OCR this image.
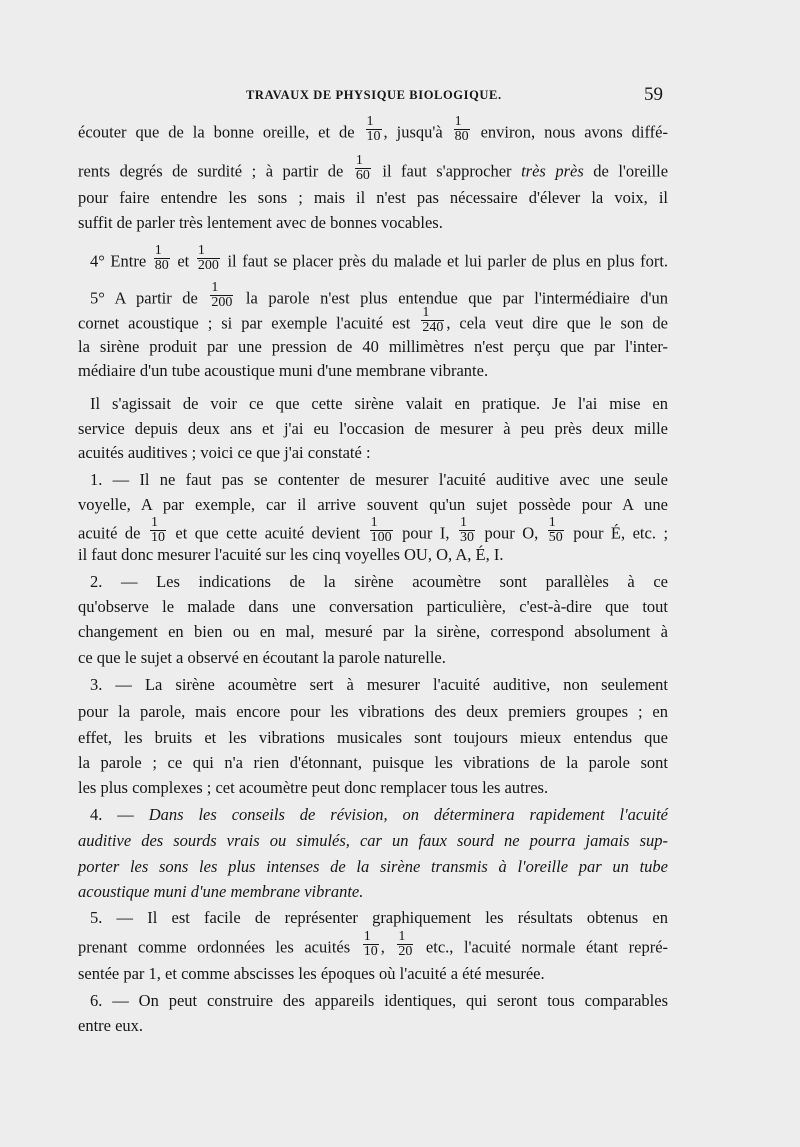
TRAVAUX DE PHYSIQUE BIOLOGIQUE.	59
écouter que de la bonne oreille, et de $\frac{1}{10}$ , jusqu'à $\frac{1}{80}$ environ, nous avons diffé-
rents degrés de surdité ; à partir de $\frac{1}{60}$ il faut s'approcher très près de l'oreille
pour faire entendre les sons ; mais il n'est pas nécessaire d'élever la voix, il
suffit de parler très lentement avec de bonnes vocables.
4° Entre $\frac{1}{80}$ et $\frac{1}{200}$ il faut se placer près du malade et lui parler de plus en plus fort.
5° A partir de $\frac{1}{200}$ la parole n'est plus entendue que par l'intermédiaire d'un
cornet acoustique ; si par exemple l'acuité est $\frac{1}{240}$ , cela veut dire que le son de
la sirène produit par une pression de 40 millimètres n'est perçu que par l'inter-
médiaire d'un tube acoustique muni d'une membrane vibrante.
Il s'agissait de voir ce que cette sirène valait en pratique. Je l'ai mise en
service depuis deux ans et j'ai eu l'occasion de mesurer à peu près deux mille
acuités auditives ; voici ce que j'ai constaté :
1. — Il ne faut pas se contenter de mesurer l'acuité auditive avec une seule
voyelle, A par exemple, car il arrive souvent qu'un sujet possède pour A une
acuité de $\frac{1}{10}$ et que cette acuité devient $\frac{1}{100}$ pour I, $\frac{1}{30}$ pour O, $\frac{1}{50}$ pour É, etc. ;
il faut donc mesurer l'acuité sur les cinq voyelles OU, O, A, É, I.
2. — Les indications de la sirène acoumètre sont parallèles à ce
qu'observe le malade dans une conversation particulière, c'est-à-dire que tout
changement en bien ou en mal, mesuré par la sirène, correspond absolument à
ce que le sujet a observé en écoutant la parole naturelle.
3. — La sirène acoumètre sert à mesurer l'acuité auditive, non seulement
pour la parole, mais encore pour les vibrations des deux premiers groupes ; en
effet, les bruits et les vibrations musicales sont toujours mieux entendus que
la parole ; ce qui n'a rien d'étonnant, puisque les vibrations de la parole sont
les plus complexes ; cet acoumètre peut donc remplacer tous les autres.
4. — Dans les conseils de révision, on déterminera rapidement l'acuité
auditive des sourds vrais ou simulés, car un faux sourd ne pourra jamais sup-
porter les sons les plus intenses de la sirène transmis à l'oreille par un tube
acoustique muni d'une membrane vibrante.
5. — Il est facile de représenter graphiquement les résultats obtenus en
prenant comme ordonnées les acuités $\frac{1}{10}$ , $\frac{1}{20}$ etc., l'acuité normale étant repré-
sentée par 1, et comme abscisses les époques où l'acuité a été mesurée.
6. — On peut construire des appareils identiques, qui seront tous comparables
entre eux.
